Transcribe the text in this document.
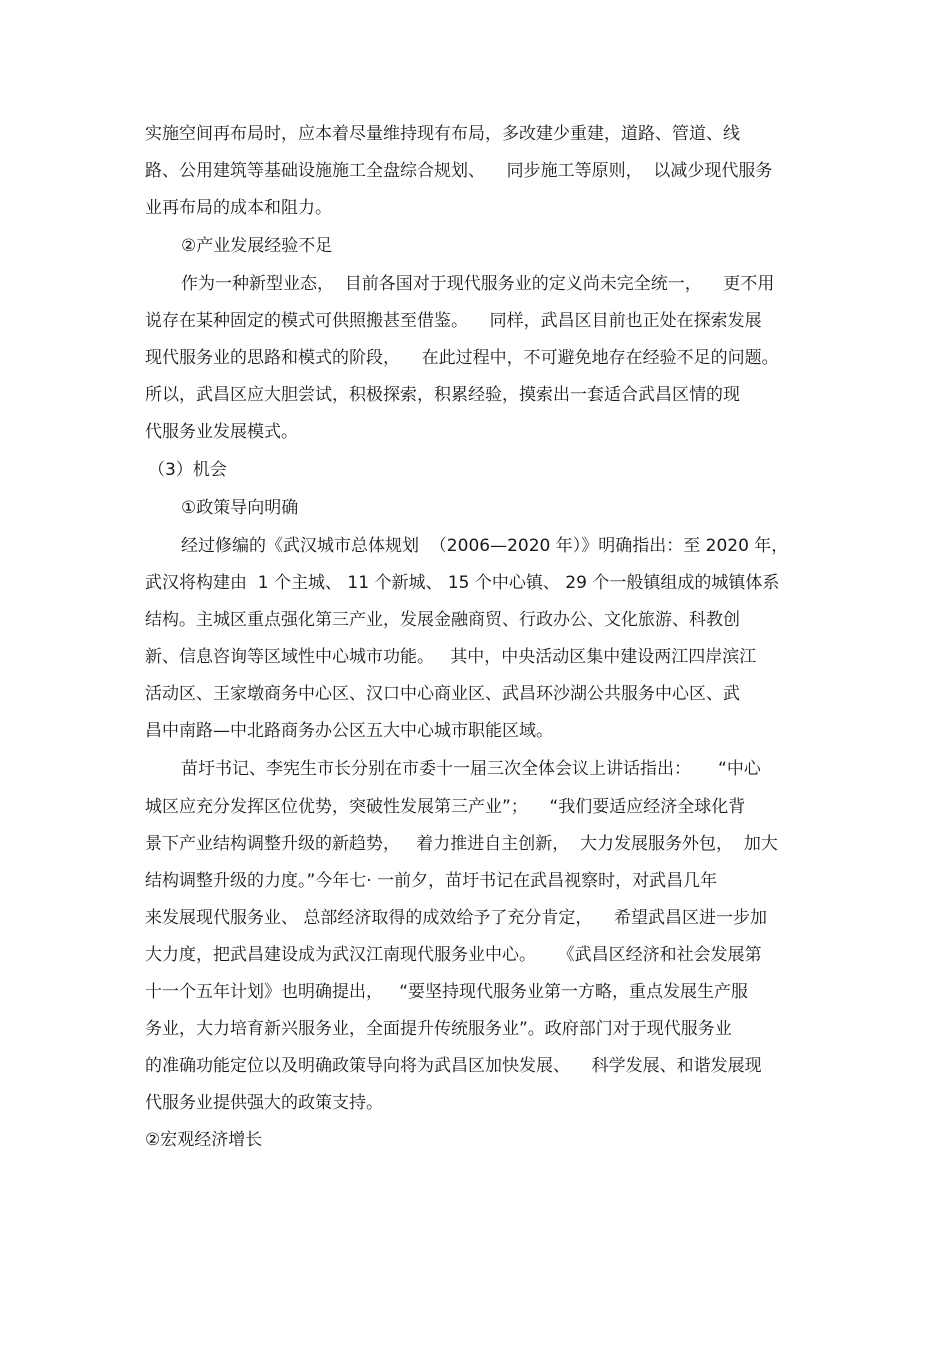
实施空间再布局时，应本着尽量维持现有布局，多改建少重建，道路、管道、线
路、公用建筑等基础设施施工全盘综合规划、    同步施工等原则，  以减少现代服务
业再布局的成本和阻力。
②产业发展经验不足
作为一种新型业态，  目前各国对于现代服务业的定义尚未完全统一，    更不用
说存在某种固定的模式可供照搬甚至借鉴。    同样，武昌区目前也正处在探索发展
现代服务业的思路和模式的阶段，    在此过程中，不可避免地存在经验不足的问题。
所以，武昌区应大胆尝试，积极探索，积累经验，摸索出一套适合武昌区情的现
代服务业发展模式。
（3）机会
①政策导向明确
经过修编的《武汉城市总体规划  （2006—2020 年）》明确指出：至 2020 年，
武汉将构建由  1 个主城、 11 个新城、 15 个中心镇、 29 个一般镇组成的城镇体系
结构。主城区重点强化第三产业，发展金融商贸、行政办公、文化旅游、科教创
新、信息咨询等区域性中心城市功能。   其中，中央活动区集中建设两江四岸滨江
活动区、王家墩商务中心区、汉口中心商业区、武昌环沙湖公共服务中心区、武
昌中南路—中北路商务办公区五大中心城市职能区域。
苗圩书记、李宪生市长分别在市委十一届三次全体会议上讲话指出：     “中心
城区应充分发挥区位优势，突破性发展第三产业”；    “我们要适应经济全球化背
景下产业结构调整升级的新趋势，   着力推进自主创新，  大力发展服务外包，  加大
结构调整升级的力度。”今年七· 一前夕，苗圩书记在武昌视察时，对武昌几年
来发展现代服务业、 总部经济取得的成效给予了充分肯定，    希望武昌区进一步加
大力度，把武昌建设成为武汉江南现代服务业中心。    《武昌区经济和社会发展第
十一个五年计划》也明确提出，   “要坚持现代服务业第一方略，重点发展生产服
务业，大力培育新兴服务业，全面提升传统服务业”。政府部门对于现代服务业
的准确功能定位以及明确政策导向将为武昌区加快发展、    科学发展、和谐发展现
代服务业提供强大的政策支持。
②宏观经济增长
